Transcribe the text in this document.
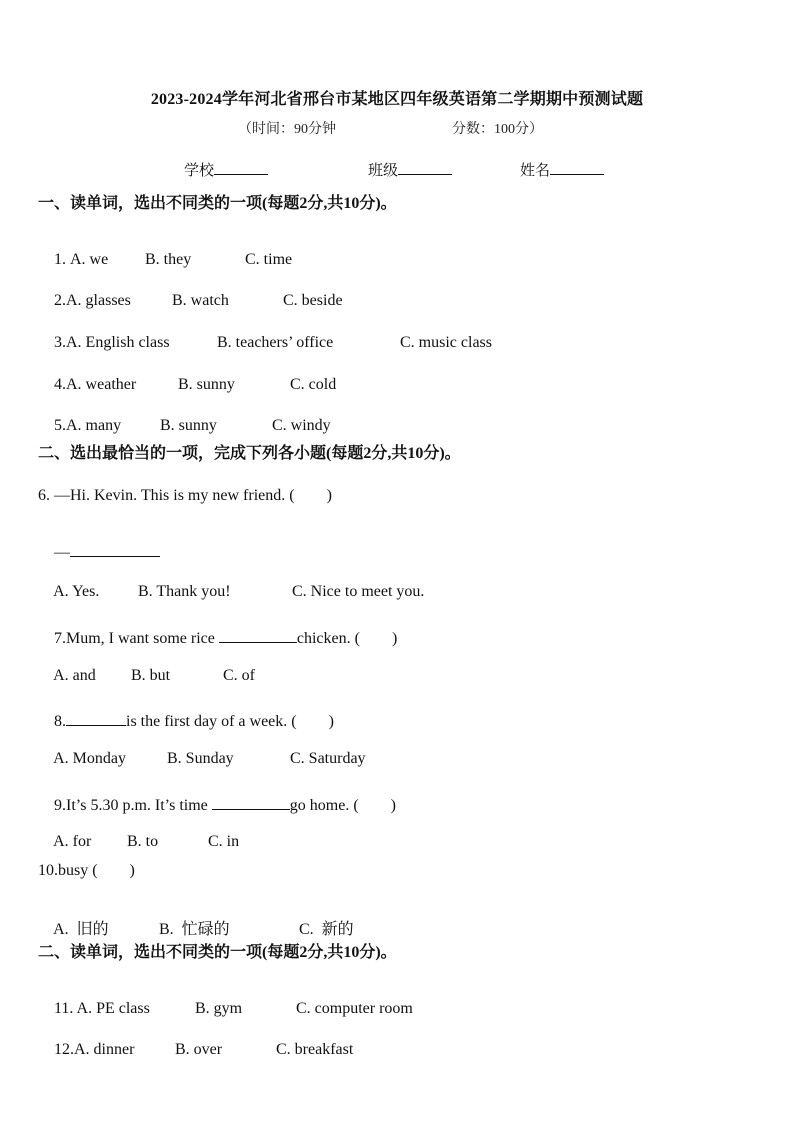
2023-2024学年河北省邢台市某地区四年级英语第二学期期中预测试题
（时间：90分钟	分数：100分）
学校	班级	姓名
一、读单词，选出不同类的一项(每题2分,共10分)。

1. A. we B. they	C. time

2.A. glasses	B. watch	C. beside

3.A. English class	B. teachers’ office	C. music class

4.A. weather	B. sunny	C. cold

5.A. many B. sunny	C. windy

二、选出最恰当的一项，完成下列各小题(每题2分,共10分)。
6. —Hi. Kevin. This is my new friend. (　　)

—

A. Yes. B. Thank you!	C. Nice to meet you.

7.Mum, I want some rice	chicken. (　　)

A. and B. but	C. of

8.	is the first day of a week. (　　)

A. Monday	B. Sunday	C. Saturday

9.It’s 5.30 p.m. It’s time	go home. (　　)

A. for B. to	C. in

10.busy (　　)

A.  旧的	B.  忙碌的	C.  新的

二、读单词，选出不同类的一项(每题2分,共10分)。

11. A. PE class	B. gym	C. computer room

12.A. dinner	B. over	C. breakfast
